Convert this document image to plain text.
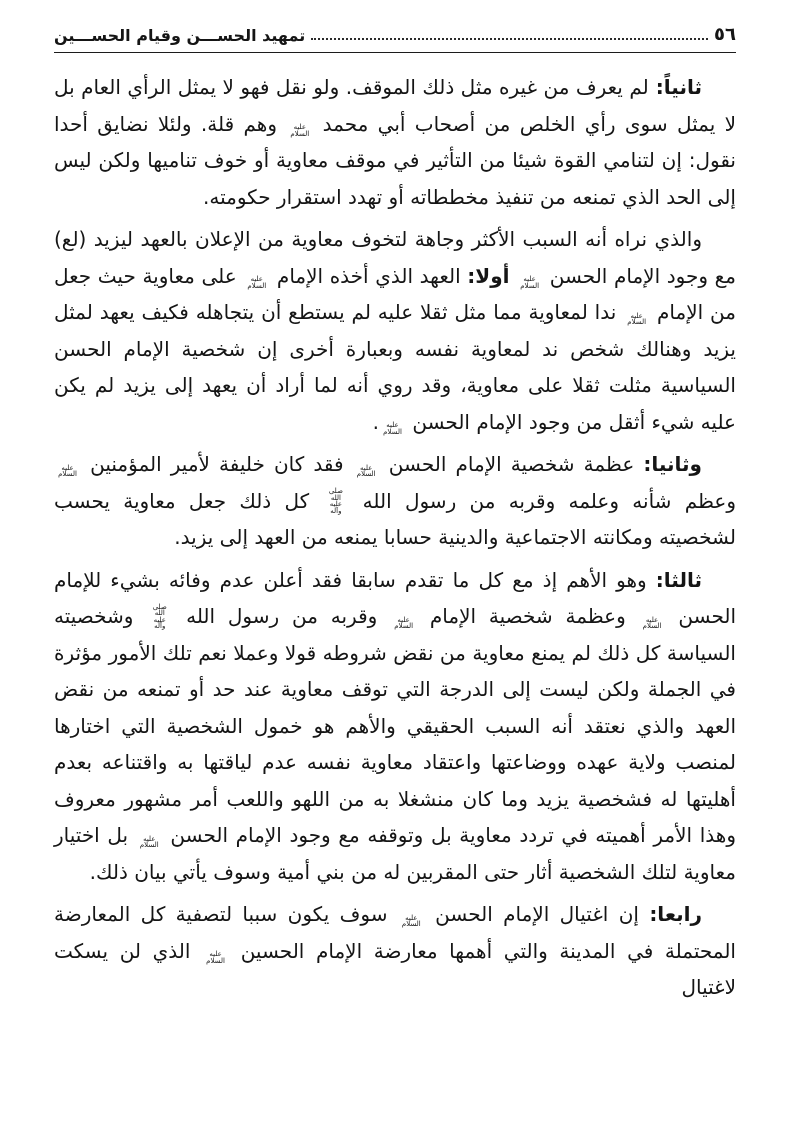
٥٦
تمهيد الحســـن وقيام الحســـين

ثانياً: لم يعرف من غيره مثل ذلك الموقف. ولو نقل فهو لا يمثل الرأي العام بل لا يمثل سوى رأي الخلص من أصحاب أبي محمد عليه السلام وهم قلة. ولئلا نضايق أحدا نقول: إن لتنامي القوة شيئا من التأثير في موقف معاوية أو خوف تناميها ولكن ليس إلى الحد الذي تمنعه من تنفيذ مخططاته أو تهدد استقرار حكومته.

والذي نراه أنه السبب الأكثر وجاهة لتخوف معاوية من الإعلان بالعهد ليزيد (لع) مع وجود الإمام الحسن عليه السلام أولا: العهد الذي أخذه الإمام عليه السلام على معاوية حيث جعل من الإمام عليه السلام ندا لمعاوية مما مثل ثقلا عليه لم يستطع أن يتجاهله فكيف يعهد لمثل يزيد وهنالك شخص ند لمعاوية نفسه وبعبارة أخرى إن شخصية الإمام الحسن السياسية مثلت ثقلا على معاوية، وقد روي أنه لما أراد أن يعهد إلى يزيد لم يكن عليه شيء أثقل من وجود الإمام الحسن عليه السلام.

وثانيا: عظمة شخصية الإمام الحسن عليه السلام فقد كان خليفة لأمير المؤمنين عليه السلام وعظم شأنه وعلمه وقربه من رسول الله صلى الله عليه وآله كل ذلك جعل معاوية يحسب لشخصيته ومكانته الاجتماعية والدينية حسابا يمنعه من العهد إلى يزيد.

ثالثا: وهو الأهم إذ مع كل ما تقدم سابقا فقد أعلن عدم وفائه بشيء للإمام الحسن عليه السلام وعظمة شخصية الإمام عليه السلام وقربه من رسول الله صلى الله عليه وآله وشخصيته السياسة كل ذلك لم يمنع معاوية من نقض شروطه قولا وعملا نعم تلك الأمور مؤثرة في الجملة ولكن ليست إلى الدرجة التي توقف معاوية عند حد أو تمنعه من نقض العهد والذي نعتقد أنه السبب الحقيقي والأهم هو خمول الشخصية التي اختارها لمنصب ولاية عهده ووضاعتها واعتقاد معاوية نفسه عدم لياقتها به واقتناعه بعدم أهليتها له فشخصية يزيد وما كان منشغلا به من اللهو واللعب أمر مشهور معروف وهذا الأمر أهميته في تردد معاوية بل وتوقفه مع وجود الإمام الحسن عليه السلام بل اختيار معاوية لتلك الشخصية أثار حتى المقربين له من بني أمية وسوف يأتي بيان ذلك.

رابعا: إن اغتيال الإمام الحسن عليه السلام سوف يكون سببا لتصفية كل المعارضة المحتملة في المدينة والتي أهمها معارضة الإمام الحسين عليه السلام الذي لن يسكت لاغتيال
